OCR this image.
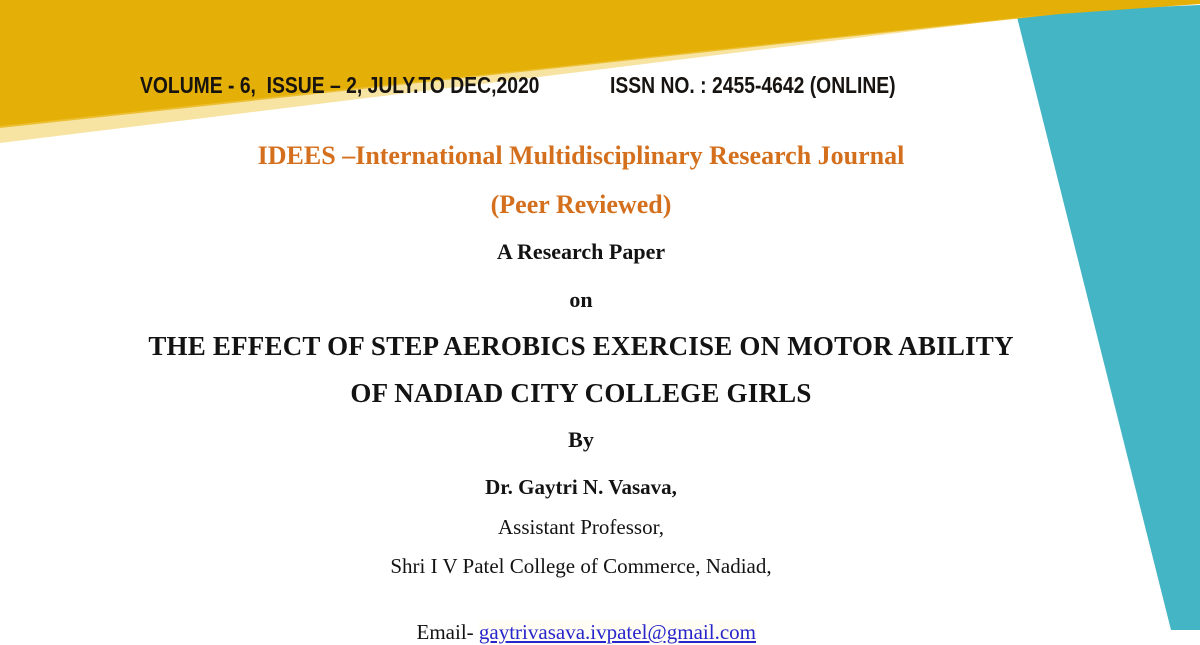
VOLUME - 6,  ISSUE – 2, JULY.TO DEC,2020	ISSN NO. : 2455-4642 (ONLINE)
IDEES –International Multidisciplinary Research Journal
(Peer Reviewed)
A Research Paper
on
THE EFFECT OF STEP AEROBICS EXERCISE ON MOTOR ABILITY
OF NADIAD CITY COLLEGE GIRLS
By
Dr. Gaytri N. Vasava,
Assistant Professor,
Shri I V Patel College of Commerce, Nadiad,

Email- gaytrivasava.ivpatel@gmail.com
